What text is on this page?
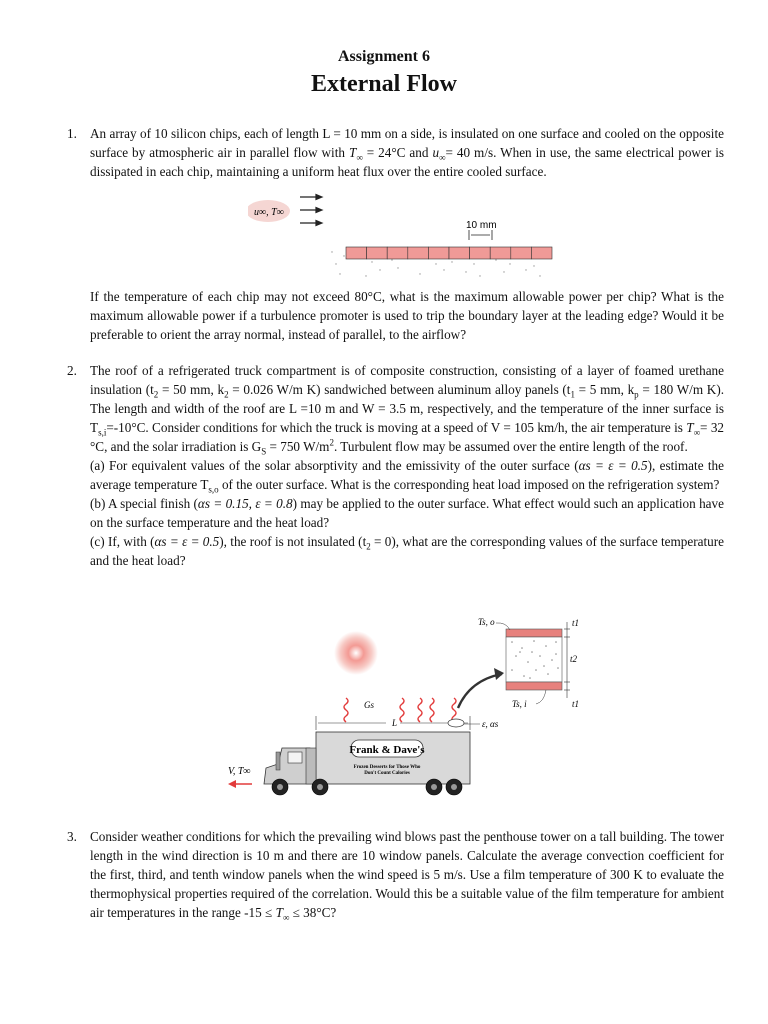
Assignment 6
External Flow
1. An array of 10 silicon chips, each of length L = 10 mm on a side, is insulated on one surface and cooled on the opposite surface by atmospheric air in parallel flow with $T_\infty = 24^\circ C$ and $u_\infty= 40$ m/s. When in use, the same electrical power is dissipated in each chip, maintaining a uniform heat flux over the entire cooled surface.

u∞, T∞
10 mm

If the temperature of each chip may not exceed 80°C, what is the maximum allowable power per chip? What is the maximum allowable power if a turbulence promoter is used to trip the boundary layer at the leading edge? Would it be preferable to orient the array normal, instead of parallel, to the airflow?

2. The roof of a refrigerated truck compartment is of composite construction, consisting of a layer of foamed urethane insulation ($t_2 = 50$ mm, $k_2 = 0.026$ W/m K) sandwiched between aluminum alloy panels ($t_1 = 5$ mm, $k_p = 180$ W/m K). The length and width of the roof are L =10 m and W = 3.5 m, respectively, and the temperature of the inner surface is $T_{s,i}=-10^\circ C$. Consider conditions for which the truck is moving at a speed of V = 105 km/h, the air temperature is $T_\infty= 32$ °C, and the solar irradiation is $G_S = 750$ $W/m^2$. Turbulent flow may be assumed over the entire length of the roof.

(a) For equivalent values of the solar absorptivity and the emissivity of the outer surface (αs = ε = 0.5), estimate the average temperature $T_{s,o}$ of the outer surface. What is the corresponding heat load imposed on the refrigeration system?

(b) A special finish (αs = 0.15, ε = 0.8) may be applied to the outer surface. What effect would such an application have on the surface temperature and the heat load?

(c) If, with (αs = ε = 0.5), the roof is not insulated $(t_2 = 0)$, what are the corresponding values of the surface temperature and the heat load?

Ts, o
Ts, i
t1
t2
t1
Gs
L	ε, αs
Frank & Dave's
Frozen Desserts for Those Who
Don't Count Calories
V, T∞
3. Consider weather conditions for which the prevailing wind blows past the penthouse tower on a tall building. The tower length in the wind direction is 10 m and there are 10 window panels. Calculate the average convection coefficient for the first, third, and tenth window panels when the wind speed is 5 m/s. Use a film temperature of 300 K to evaluate the thermophysical properties required of the correlation. Would this be a suitable value of the film temperature for ambient air temperatures in the range $-15 \le T_\infty \le 38^\circ C$?
